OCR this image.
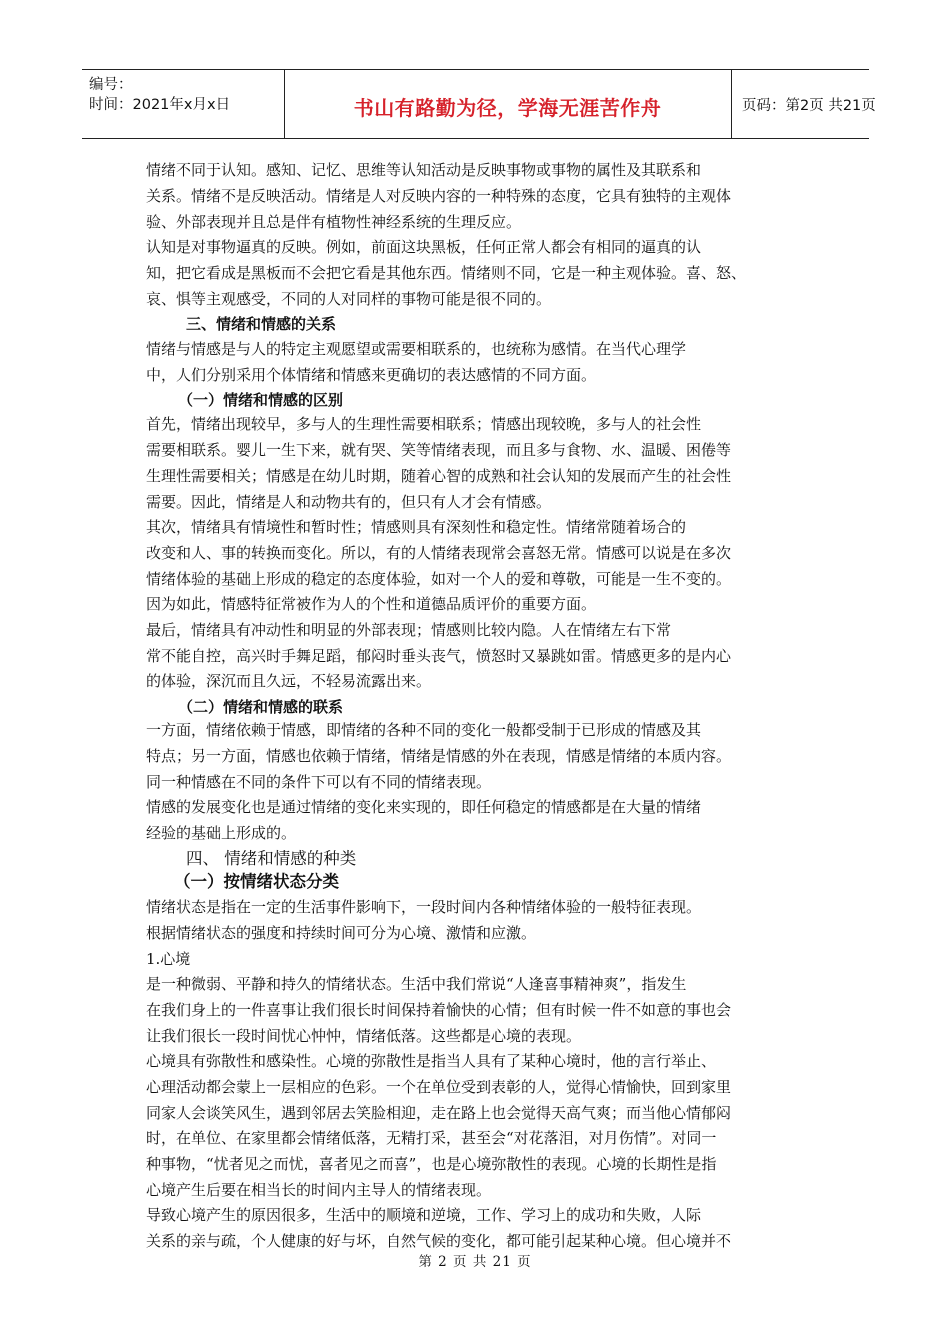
编号：
时间：2021年x月x日	书山有路勤为径，学海无涯苦作舟	页码：第2页 共21页
情绪不同于认知。感知、记忆、思维等认知活动是反映事物或事物的属性及其联系和
关系。情绪不是反映活动。情绪是人对反映内容的一种特殊的态度，它具有独特的主观体
验、外部表现并且总是伴有植物性神经系统的生理反应。
认知是对事物逼真的反映。例如，前面这块黑板，任何正常人都会有相同的逼真的认
知，把它看成是黑板而不会把它看是其他东西。情绪则不同，它是一种主观体验。喜、怒、
哀、惧等主观感受，不同的人对同样的事物可能是很不同的。
三、情绪和情感的关系
情绪与情感是与人的特定主观愿望或需要相联系的，也统称为感情。在当代心理学
中，人们分别采用个体情绪和情感来更确切的表达感情的不同方面。
（一）情绪和情感的区别
首先，情绪出现较早，多与人的生理性需要相联系；情感出现较晚，多与人的社会性
需要相联系。婴儿一生下来，就有哭、笑等情绪表现，而且多与食物、水、温暖、困倦等
生理性需要相关；情感是在幼儿时期，随着心智的成熟和社会认知的发展而产生的社会性
需要。因此，情绪是人和动物共有的，但只有人才会有情感。
其次，情绪具有情境性和暂时性；情感则具有深刻性和稳定性。情绪常随着场合的
改变和人、事的转换而变化。所以，有的人情绪表现常会喜怒无常。情感可以说是在多次
情绪体验的基础上形成的稳定的态度体验，如对一个人的爱和尊敬，可能是一生不变的。
因为如此，情感特征常被作为人的个性和道德品质评价的重要方面。
最后，情绪具有冲动性和明显的外部表现；情感则比较内隐。人在情绪左右下常
常不能自控，高兴时手舞足蹈，郁闷时垂头丧气，愤怒时又暴跳如雷。情感更多的是内心
的体验，深沉而且久远，不轻易流露出来。
（二）情绪和情感的联系
一方面，情绪依赖于情感，即情绪的各种不同的变化一般都受制于已形成的情感及其
特点；另一方面，情感也依赖于情绪，情绪是情感的外在表现，情感是情绪的本质内容。
同一种情感在不同的条件下可以有不同的情绪表现。
情感的发展变化也是通过情绪的变化来实现的，即任何稳定的情感都是在大量的情绪
经验的基础上形成的。
四、 情绪和情感的种类
（一）按情绪状态分类
情绪状态是指在一定的生活事件影响下，一段时间内各种情绪体验的一般特征表现。
根据情绪状态的强度和持续时间可分为心境、激情和应激。
1.心境
是一种微弱、平静和持久的情绪状态。生活中我们常说“人逢喜事精神爽”，指发生
在我们身上的一件喜事让我们很长时间保持着愉快的心情；但有时候一件不如意的事也会
让我们很长一段时间忧心忡忡，情绪低落。这些都是心境的表现。
心境具有弥散性和感染性。心境的弥散性是指当人具有了某种心境时，他的言行举止、
心理活动都会蒙上一层相应的色彩。一个在单位受到表彰的人，觉得心情愉快，回到家里
同家人会谈笑风生，遇到邻居去笑脸相迎，走在路上也会觉得天高气爽；而当他心情郁闷
时，在单位、在家里都会情绪低落，无精打采，甚至会“对花落泪，对月伤情”。对同一
种事物，“忧者见之而忧，喜者见之而喜”，也是心境弥散性的表现。心境的长期性是指
心境产生后要在相当长的时间内主导人的情绪表现。
导致心境产生的原因很多，生活中的顺境和逆境，工作、学习上的成功和失败，人际
关系的亲与疏，个人健康的好与坏，自然气候的变化，都可能引起某种心境。但心境并不
第 2 页 共 21 页
